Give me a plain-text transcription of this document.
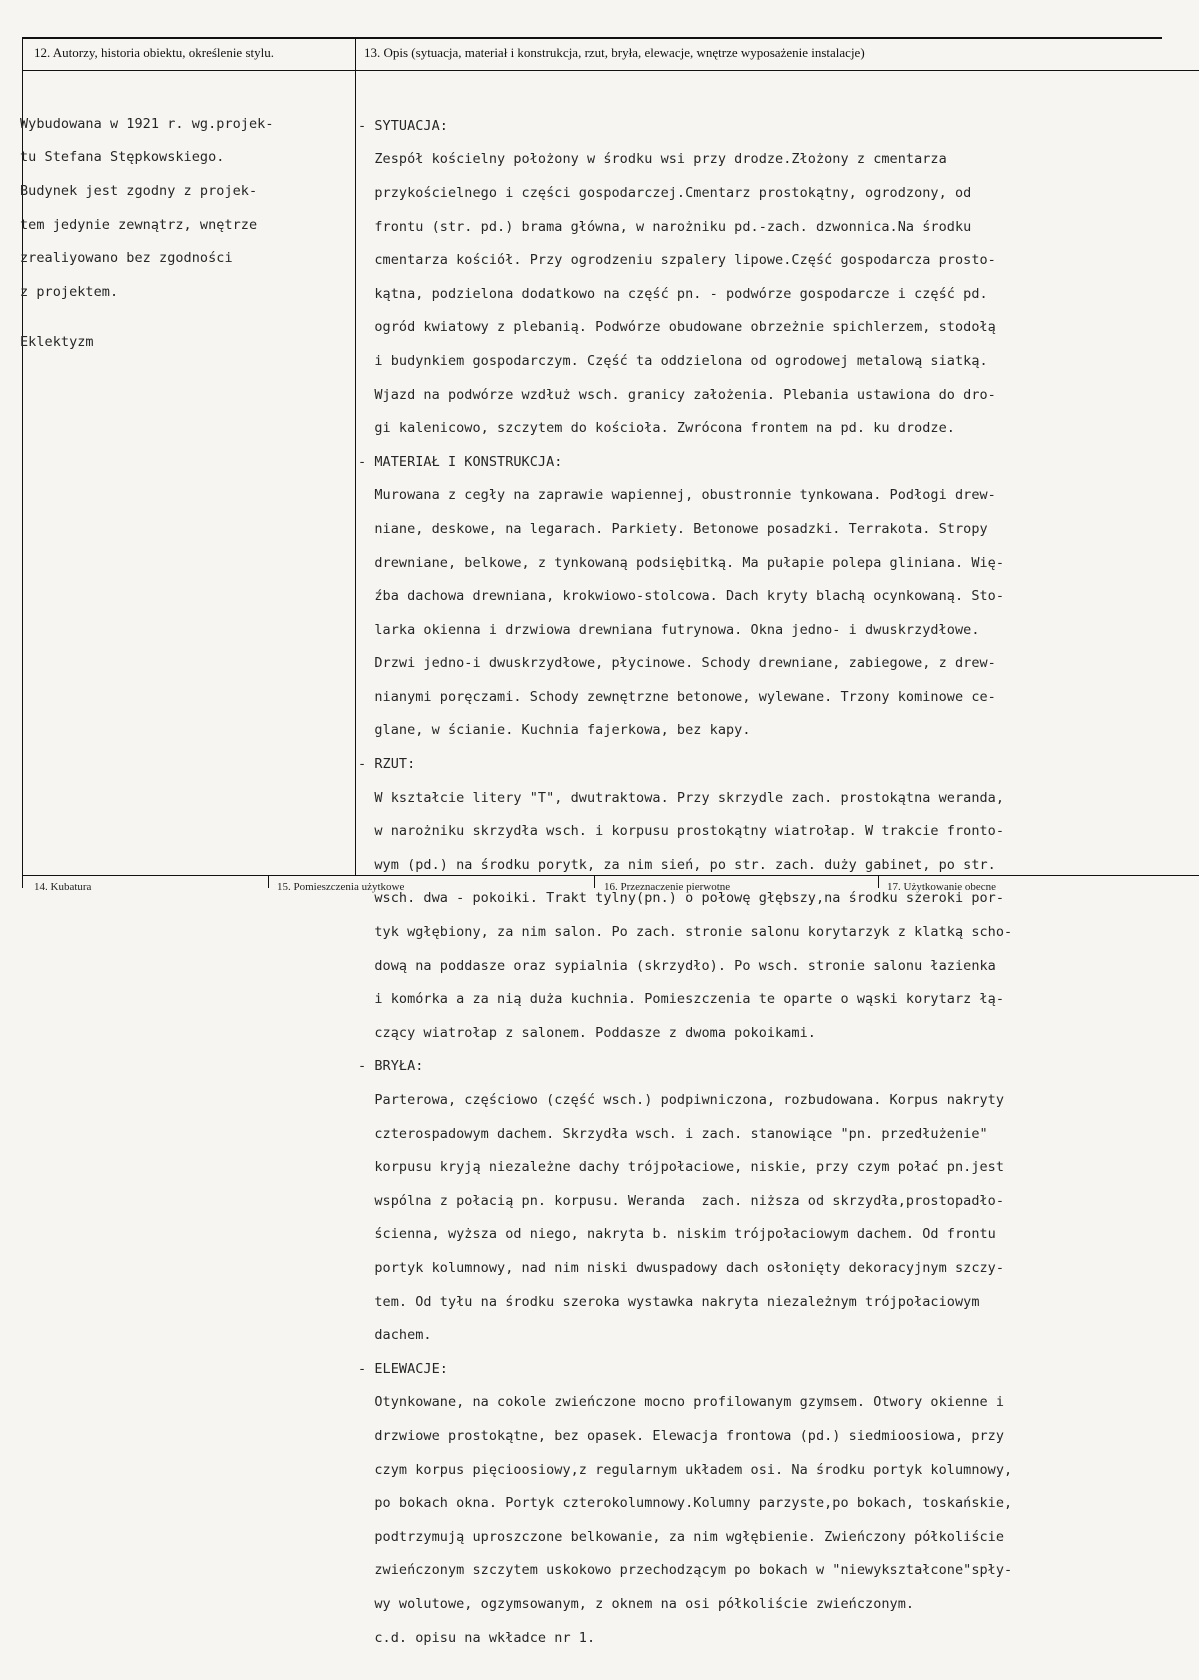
12. Autorzy, historia obiektu, określenie stylu.	13. Opis (sytuacja, materiał i konstrukcja, rzut, bryła, elewacje, wnętrze wyposażenie instalacje)

Wybudowana w 1921 r. wg.projek-

tu Stefana Stępkowskiego.

Budynek jest zgodny z projek-

tem jedynie zewnątrz, wnętrze

zrealiyowano bez zgodności

z projektem.

Eklektyzm

- SYTUACJA:

Zespół kościelny położony w środku wsi przy drodze.Złożony z cmentarza

przykościelnego i części gospodarczej.Cmentarz prostokątny, ogrodzony, od

frontu (str. pd.) brama główna, w narożniku pd.-zach. dzwonnica.Na środku

cmentarza kościół. Przy ogrodzeniu szpalery lipowe.Część gospodarcza prosto-

kątna, podzielona dodatkowo na część pn. - podwórze gospodarcze i część pd.

ogród kwiatowy z plebanią. Podwórze obudowane obrzeżnie spichlerzem, stodołą

i budynkiem gospodarczym. Część ta oddzielona od ogrodowej metalową siatką.

Wjazd na podwórze wzdłuż wsch. granicy założenia. Plebania ustawiona do dro-

gi kalenicowo, szczytem do kościoła. Zwrócona frontem na pd. ku drodze.

- MATERIAŁ I KONSTRUKCJA:

Murowana z cegły na zaprawie wapiennej, obustronnie tynkowana. Podłogi drew-

niane, deskowe, na legarach. Parkiety. Betonowe posadzki. Terrakota. Stropy

drewniane, belkowe, z tynkowaną podsiębitką. Ma pułapie polepa gliniana. Wię-

źba dachowa drewniana, krokwiowo-stolcowa. Dach kryty blachą ocynkowaną. Sto-

larka okienna i drzwiowa drewniana futrynowa. Okna jedno- i dwuskrzydłowe.

Drzwi jedno-i dwuskrzydłowe, płycinowe. Schody drewniane, zabiegowe, z drew-

nianymi poręczami. Schody zewnętrzne betonowe, wylewane. Trzony kominowe ce-

glane, w ścianie. Kuchnia fajerkowa, bez kapy.

- RZUT:

W kształcie litery "T", dwutraktowa. Przy skrzydle zach. prostokątna weranda,

w narożniku skrzydła wsch. i korpusu prostokątny wiatrołap. W trakcie fronto-

wym (pd.) na środku porytk, za nim sień, po str. zach. duży gabinet, po str.

wsch. dwa - pokoiki. Trakt tylny(pn.) o połowę głębszy,na środku szeroki por-

tyk wgłębiony, za nim salon. Po zach. stronie salonu korytarzyk z klatką scho-

dową na poddasze oraz sypialnia (skrzydło). Po wsch. stronie salonu łazienka

i komórka a za nią duża kuchnia. Pomieszczenia te oparte o wąski korytarz łą-

czący wiatrołap z salonem. Poddasze z dwoma pokoikami.

- BRYŁA:

Parterowa, częściowo (część wsch.) podpiwniczona, rozbudowana. Korpus nakryty

czterospadowym dachem. Skrzydła wsch. i zach. stanowiące "pn. przedłużenie"

korpusu kryją niezależne dachy trójpołaciowe, niskie, przy czym połać pn.jest

wspólna z połacią pn. korpusu. Weranda  zach. niższa od skrzydła,prostopadło-

ścienna, wyższa od niego, nakryta b. niskim trójpołaciowym dachem. Od frontu

portyk kolumnowy, nad nim niski dwuspadowy dach osłonięty dekoracyjnym szczy-

tem. Od tyłu na środku szeroka wystawka nakryta niezależnym trójpołaciowym

dachem.

- ELEWACJE:

Otynkowane, na cokole zwieńczone mocno profilowanym gzymsem. Otwory okienne i

drzwiowe prostokątne, bez opasek. Elewacja frontowa (pd.) siedmioosiowa, przy

czym korpus pięcioosiowy,z regularnym układem osi. Na środku portyk kolumnowy,

po bokach okna. Portyk czterokolumnowy.Kolumny parzyste,po bokach, toskańskie,

podtrzymują uproszczone belkowanie, za nim wgłębienie. Zwieńczony półkoliście

zwieńczonym szczytem uskokowo przechodzącym po bokach w "niewykształcone"spły-

wy wolutowe, ogzymsowanym, z oknem na osi półkoliście zwieńczonym.

c.d. opisu na wkładce nr 1.

14. Kubatura	15. Pomieszczenia użytkowe	16. Przeznaczenie pierwotne	17. Użytkowanie obecne
